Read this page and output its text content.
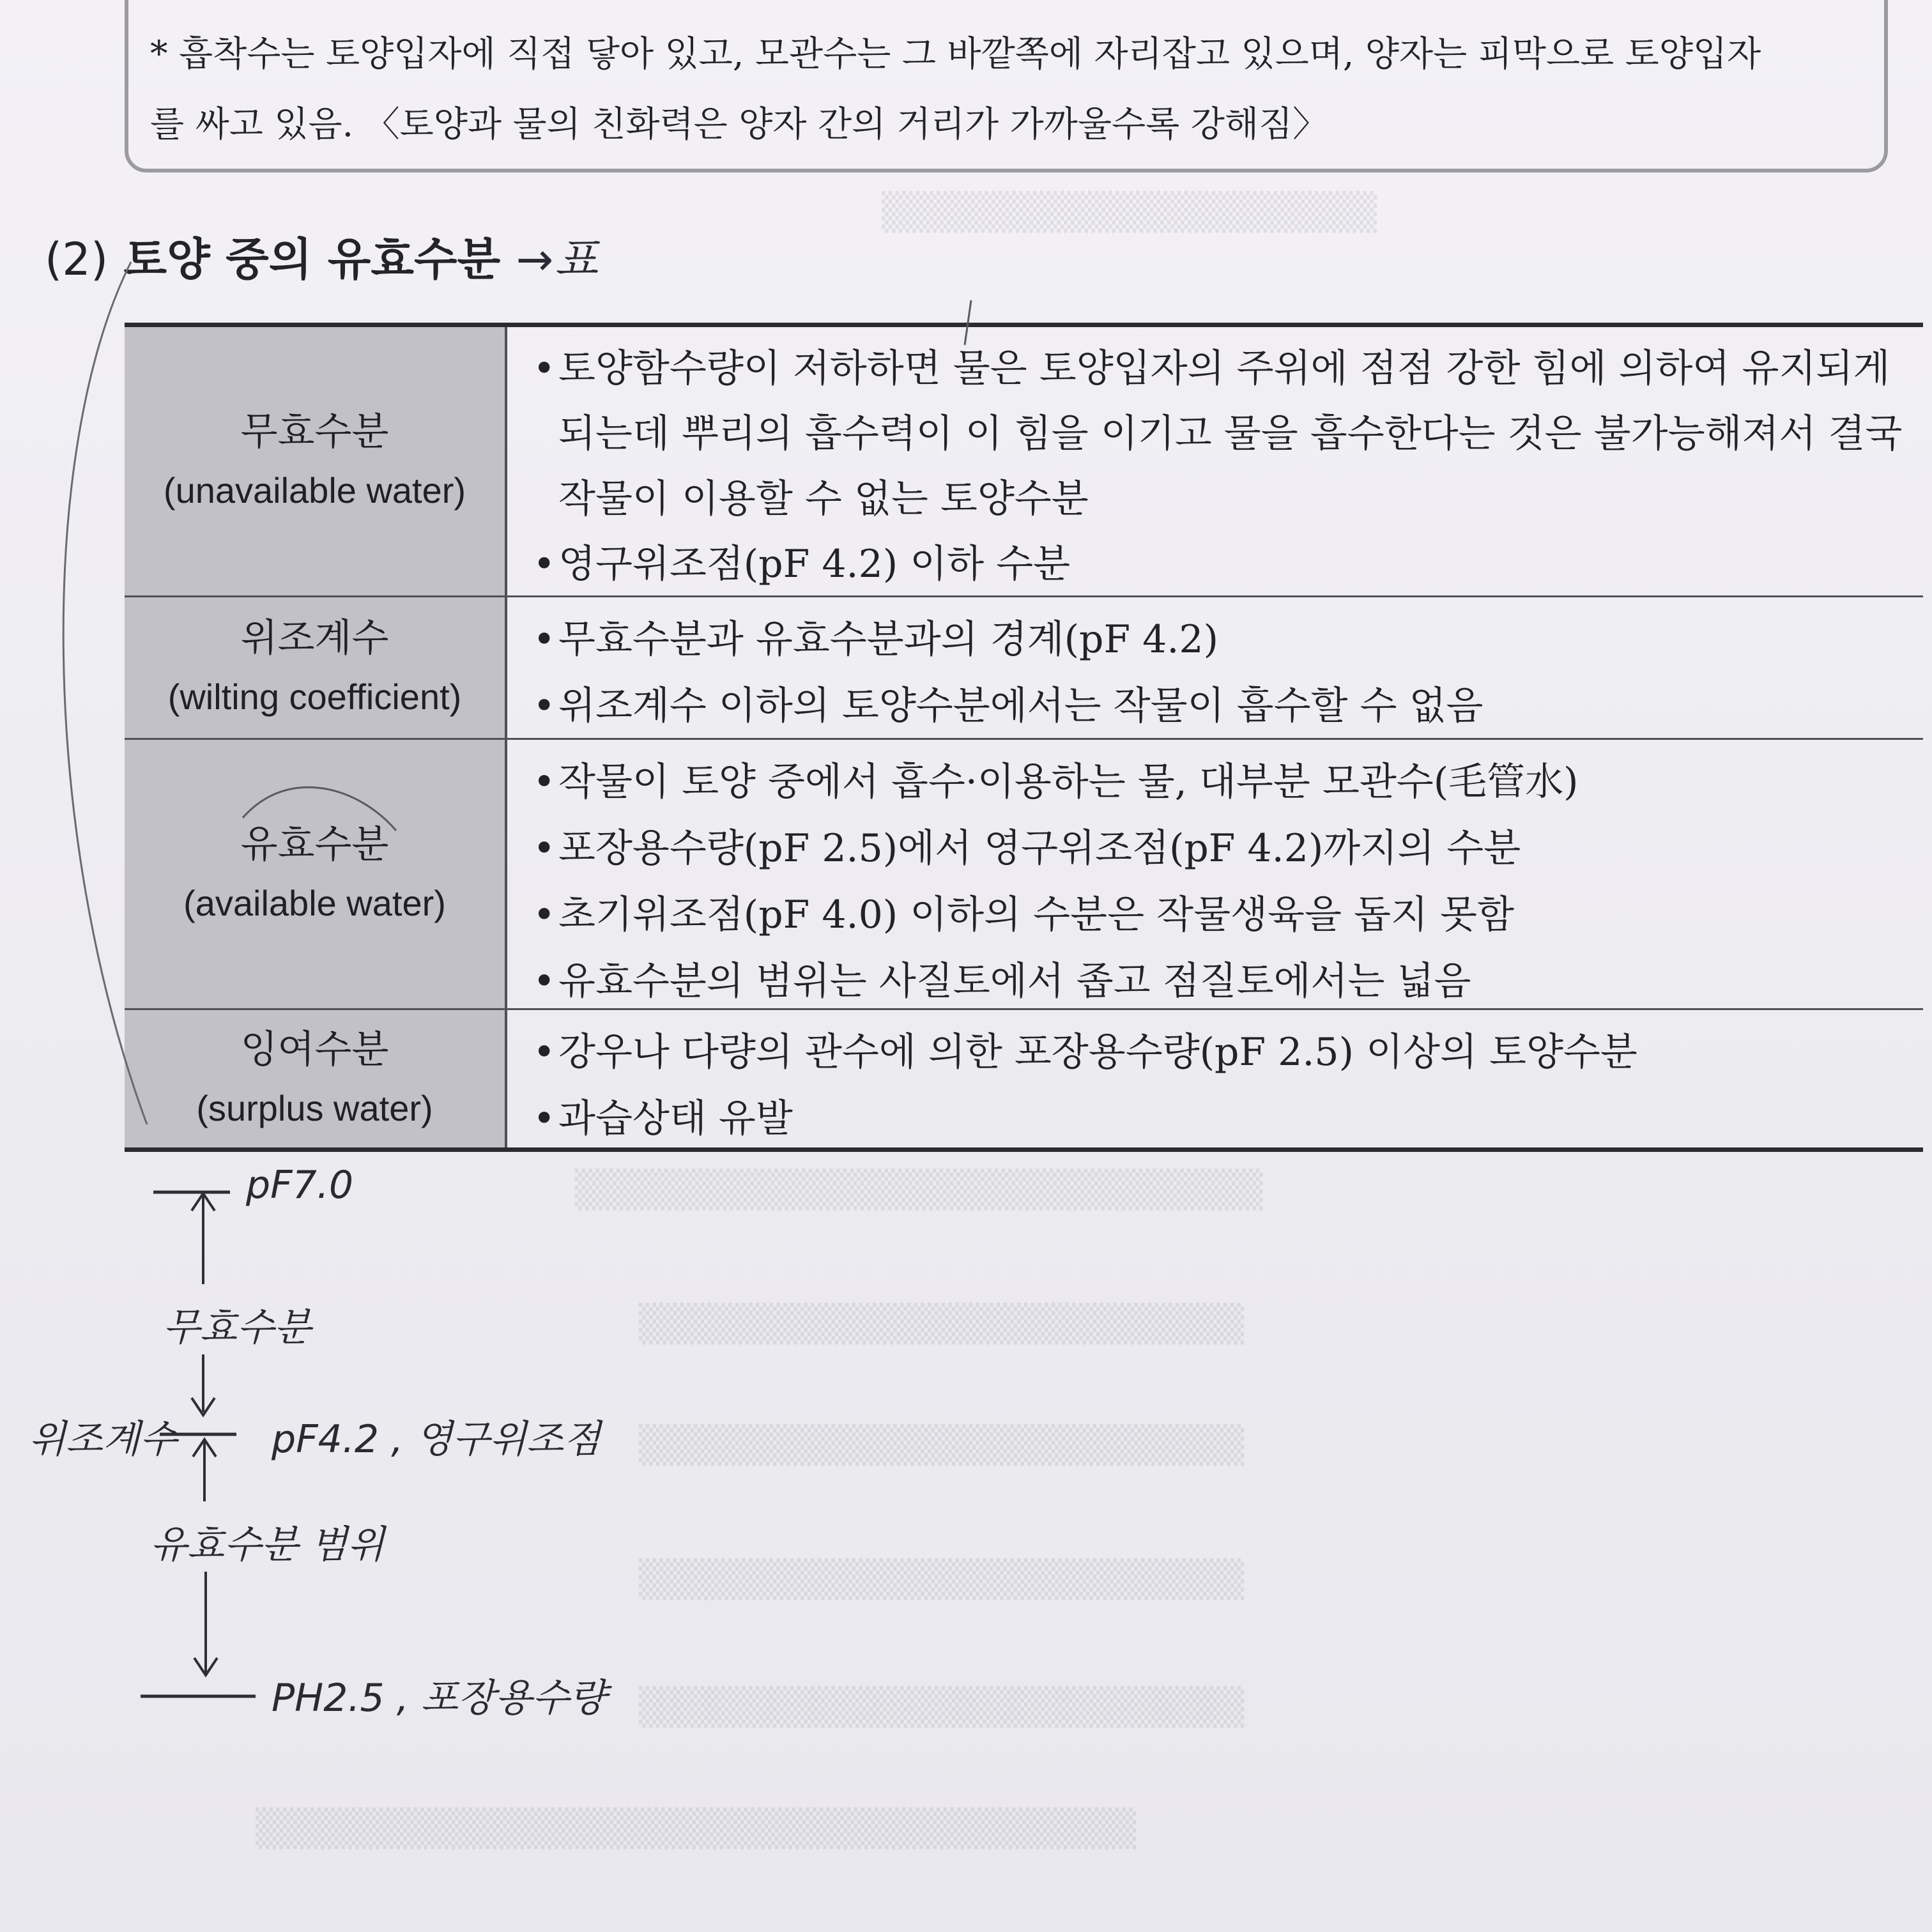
▒▒▒▒▒▒▒▒▒▒▒▒▒▒▒▒▒▒
▒▒▒▒▒▒▒▒▒▒▒▒▒▒▒▒▒▒▒▒▒▒▒▒▒
▒▒▒▒▒▒▒▒▒▒▒▒▒▒▒▒▒▒▒▒▒▒
▒▒▒▒▒▒▒▒▒▒▒▒▒▒▒▒▒▒▒▒▒▒
▒▒▒▒▒▒▒▒▒▒▒▒▒▒▒▒▒▒▒▒▒▒
▒▒▒▒▒▒▒▒▒▒▒▒▒▒▒▒▒▒▒▒▒▒
▒▒▒▒▒▒▒▒▒▒▒▒▒▒▒▒▒▒▒▒▒▒▒▒▒▒▒▒▒▒▒▒
* 흡착수는 토양입자에 직접 닿아 있고, 모관수는 그 바깥쪽에 자리잡고 있으며, 양자는 피막으로 토양입자
를 싸고 있음. 〈토양과 물의 친화력은 양자 간의 거리가 가까울수록 강해짐〉
(2) 토양 중의 유효수분 →표
무효수분
(unavailable water)
• 토양함수량이 저하하면 물은 토양입자의 주위에 점점 강한 힘에 의하여 유지되게 되는데 뿌리의 흡수력이 이 힘을 이기고 물을 흡수한다는 것은 불가능해져서 결국 작물이 이용할 수 없는 토양수분
• 영구위조점(pF 4.2) 이하 수분
위조계수
(wilting coefficient)
• 무효수분과 유효수분과의 경계(pF 4.2)
• 위조계수 이하의 토양수분에서는 작물이 흡수할 수 없음
유효수분
(available water)
• 작물이 토양 중에서 흡수·이용하는 물, 대부분 모관수(毛管水)
• 포장용수량(pF 2.5)에서 영구위조점(pF 4.2)까지의 수분
• 초기위조점(pF 4.0) 이하의 수분은 작물생육을 돕지 못함
• 유효수분의 범위는 사질토에서 좁고 점질토에서는 넓음
잉여수분
(surplus water)
• 강우나 다량의 관수에 의한 포장용수량(pF 2.5) 이상의 토양수분
• 과습상태 유발
pF7.0
무효수분
위조계수 pF4.2 , 영구위조점
유효수분 범위
PH2.5 , 포장용수량
